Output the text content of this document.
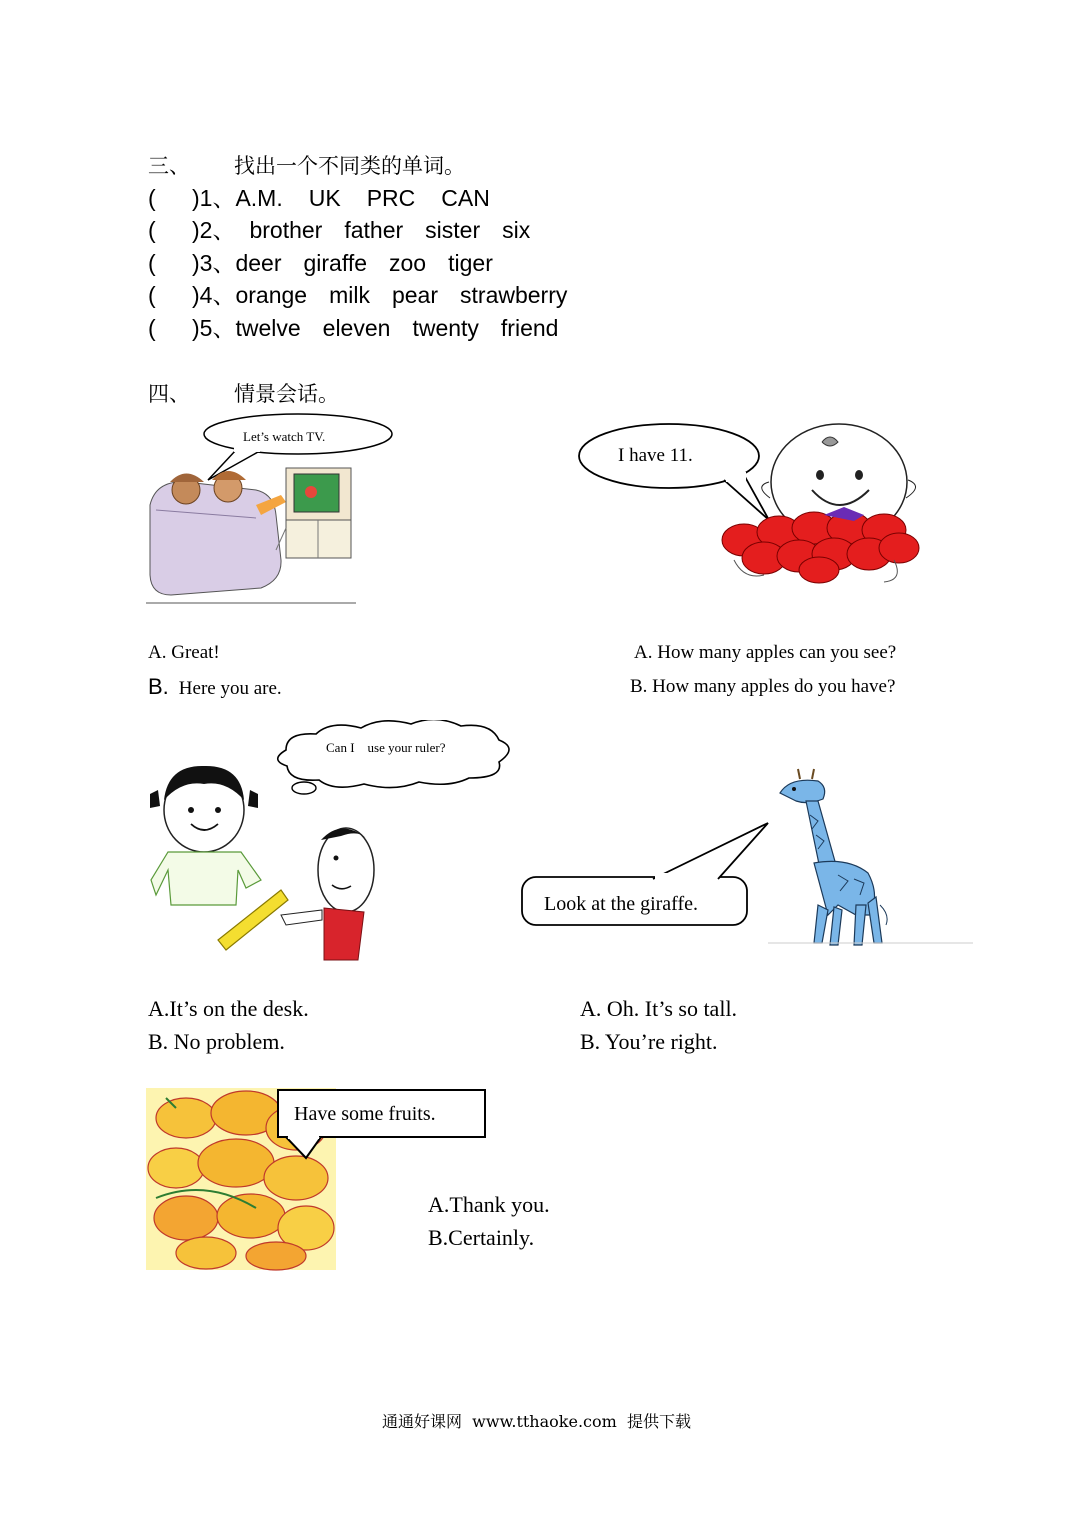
三、 找出一个不同类的单词。
( )1、A.M. UK PRC CAN
( )2、 brother father sister six
( )3、deer giraffe zoo tiger
( )4、orange milk pear strawberry
( )5、twelve eleven twenty friend
四、 情景会话。
Let’s watch TV.
I have 11.
A. Great!
B. Here you are.
A. How many apples can you see?
B. How many apples do you have?
Can I    use your ruler?
Look at the giraffe.
A.It’s on the desk.
B. No problem.
A. Oh. It’s so tall.
B. You’re right.
Have some fruits.
A.Thank you.
B.Certainly.
通通好课网  www.tthaoke.com  提供下载
